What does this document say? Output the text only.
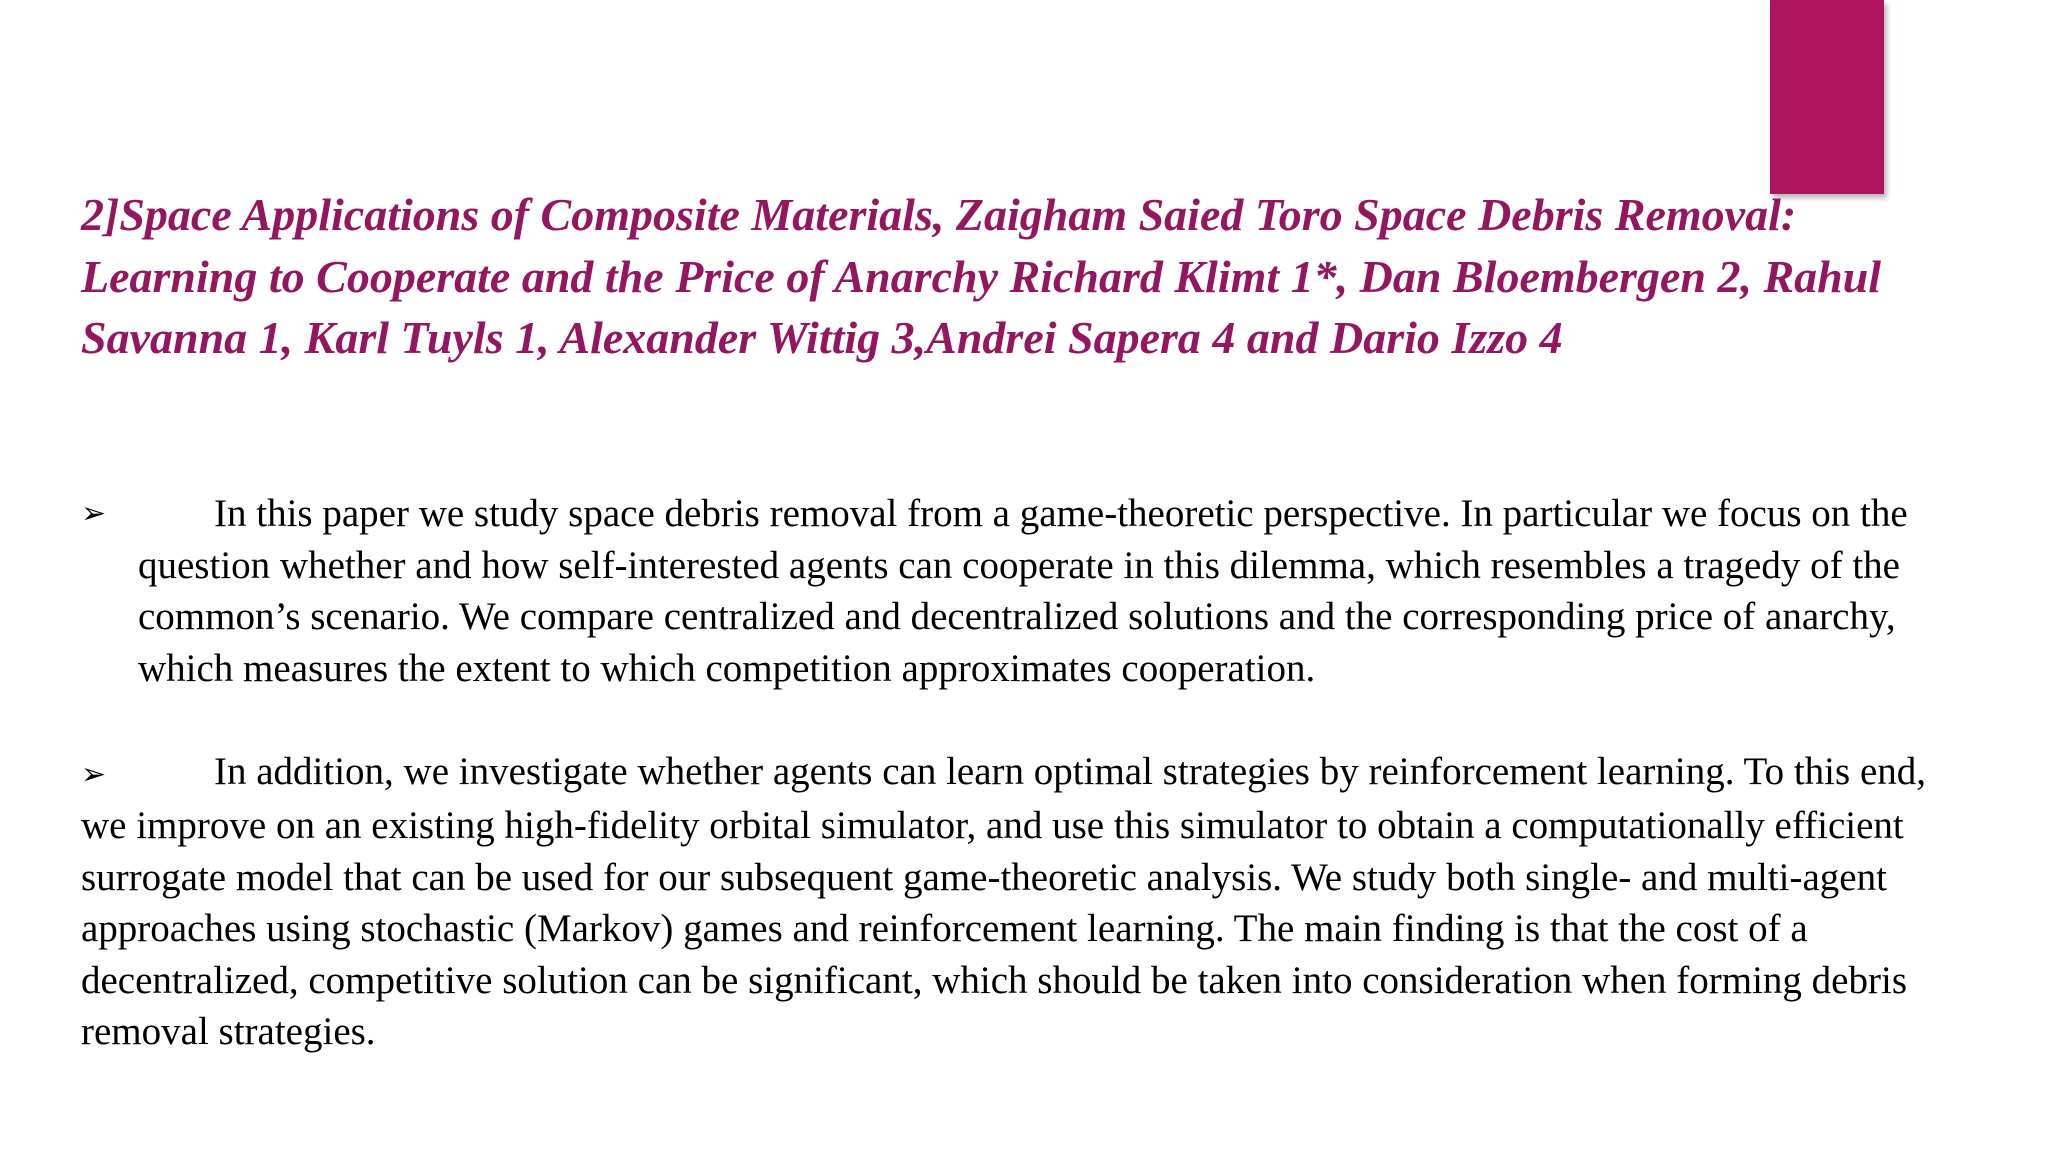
2]Space Applications of Composite Materials, Zaigham Saied Toro Space Debris Removal: Learning to Cooperate and the Price of Anarchy Richard Klimt 1*, Dan Bloembergen 2, Rahul Savanna 1, Karl Tuyls 1, Alexander Wittig 3,Andrei Sapera 4 and Dario Izzo 4

➢	In this paper we study space debris removal from a game-theoretic perspective. In particular we focus on the question whether and how self-interested agents can cooperate in this dilemma, which resembles a tragedy of the common’s scenario. We compare centralized and decentralized solutions and the corresponding price of anarchy, which measures the extent to which competition approximates cooperation.

➢	In addition, we investigate whether agents can learn optimal strategies by reinforcement learning. To this end, we improve on an existing high-fidelity orbital simulator, and use this simulator to obtain a computationally efficient surrogate model that can be used for our subsequent game-theoretic analysis. We study both single- and multi-agent approaches using stochastic (Markov) games and reinforcement learning. The main finding is that the cost of a decentralized, competitive solution can be significant, which should be taken into consideration when forming debris removal strategies.
